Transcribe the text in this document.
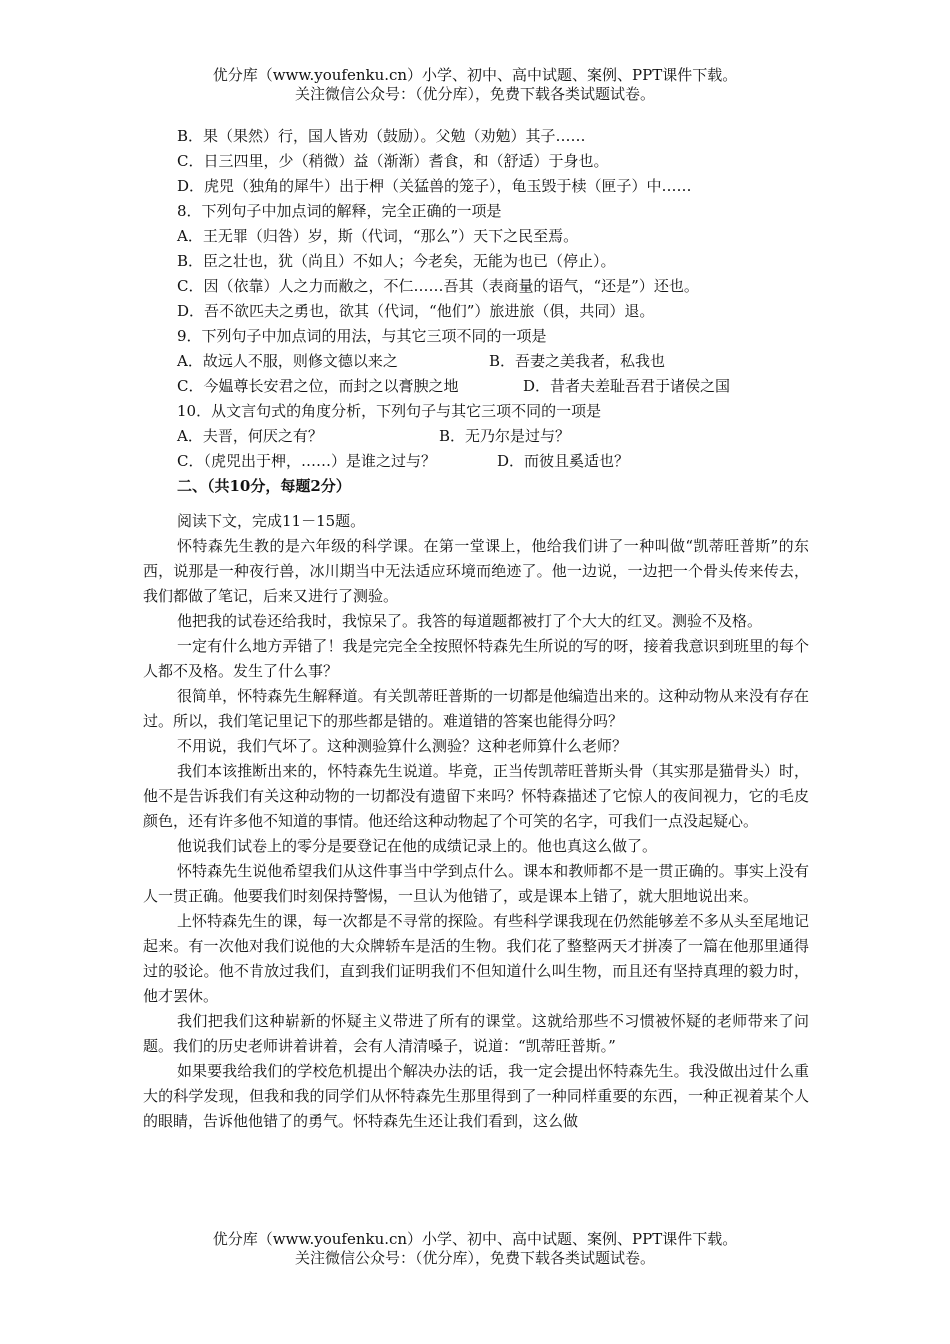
优分库（www.youfenku.cn）小学、初中、高中试题、案例、PPT课件下载。
关注微信公众号：（优分库），免费下载各类试题试卷。
B．果（果然）行，国人皆劝（鼓励）。父勉（劝勉）其子……
C．日三四里，少（稍微）益（渐渐）耆食，和（舒适）于身也。
D．虎兕（独角的犀牛）出于柙（关猛兽的笼子），龟玉毁于椟（匣子）中……
8．下列句子中加点词的解释，完全正确的一项是
A．王无罪（归咎）岁，斯（代词，“那么”）天下之民至焉。
B．臣之壮也，犹（尚且）不如人；今老矣，无能为也已（停止）。
C．因（依靠）人之力而敝之，不仁……吾其（表商量的语气，“还是”）还也。
D．吾不欲匹夫之勇也，欲其（代词，“他们”）旅进旅（俱，共同）退。
9．下列句子中加点词的用法，与其它三项不同的一项是
A．故远人不服，则修文德以来之	B．吾妻之美我者，私我也
C．今媪尊长安君之位，而封之以膏腴之地	D．昔者夫差耻吾君于诸侯之国
10．从文言句式的角度分析，下列句子与其它三项不同的一项是
A．夫晋，何厌之有？	B．无乃尔是过与？
C．（虎兕出于柙，……）是谁之过与？	D．而彼且奚适也？
二、（共10分，每题2分）
阅读下文，完成11－15题。
怀特森先生教的是六年级的科学课。在第一堂课上，他给我们讲了一种叫做“凯蒂旺普斯”的东西，说那是一种夜行兽，冰川期当中无法适应环境而绝迹了。他一边说，一边把一个骨头传来传去，我们都做了笔记，后来又进行了测验。
他把我的试卷还给我时，我惊呆了。我答的每道题都被打了个大大的红叉。测验不及格。
一定有什么地方弄错了！我是完完全全按照怀特森先生所说的写的呀，接着我意识到班里的每个人都不及格。发生了什么事？
很简单，怀特森先生解释道。有关凯蒂旺普斯的一切都是他编造出来的。这种动物从来没有存在过。所以，我们笔记里记下的那些都是错的。难道错的答案也能得分吗？
不用说，我们气坏了。这种测验算什么测验？这种老师算什么老师？
我们本该推断出来的，怀特森先生说道。毕竟，正当传凯蒂旺普斯头骨（其实那是猫骨头）时，他不是告诉我们有关这种动物的一切都没有遗留下来吗？怀特森描述了它惊人的夜间视力，它的毛皮颜色，还有许多他不知道的事情。他还给这种动物起了个可笑的名字，可我们一点没起疑心。
他说我们试卷上的零分是要登记在他的成绩记录上的。他也真这么做了。
怀特森先生说他希望我们从这件事当中学到点什么。课本和教师都不是一贯正确的。事实上没有人一贯正确。他要我们时刻保持警惕，一旦认为他错了，或是课本上错了，就大胆地说出来。
上怀特森先生的课，每一次都是不寻常的探险。有些科学课我现在仍然能够差不多从头至尾地记起来。有一次他对我们说他的大众牌轿车是活的生物。我们花了整整两天才拼凑了一篇在他那里通得过的驳论。他不肯放过我们，直到我们证明我们不但知道什么叫生物，而且还有坚持真理的毅力时，他才罢休。
我们把我们这种崭新的怀疑主义带进了所有的课堂。这就给那些不习惯被怀疑的老师带来了问题。我们的历史老师讲着讲着，会有人清清嗓子，说道：“凯蒂旺普斯。”
如果要我给我们的学校危机提出个解决办法的话，我一定会提出怀特森先生。我没做出过什么重大的科学发现，但我和我的同学们从怀特森先生那里得到了一种同样重要的东西，一种正视着某个人的眼睛，告诉他他错了的勇气。怀特森先生还让我们看到，这么做
优分库（www.youfenku.cn）小学、初中、高中试题、案例、PPT课件下载。
关注微信公众号：（优分库），免费下载各类试题试卷。
